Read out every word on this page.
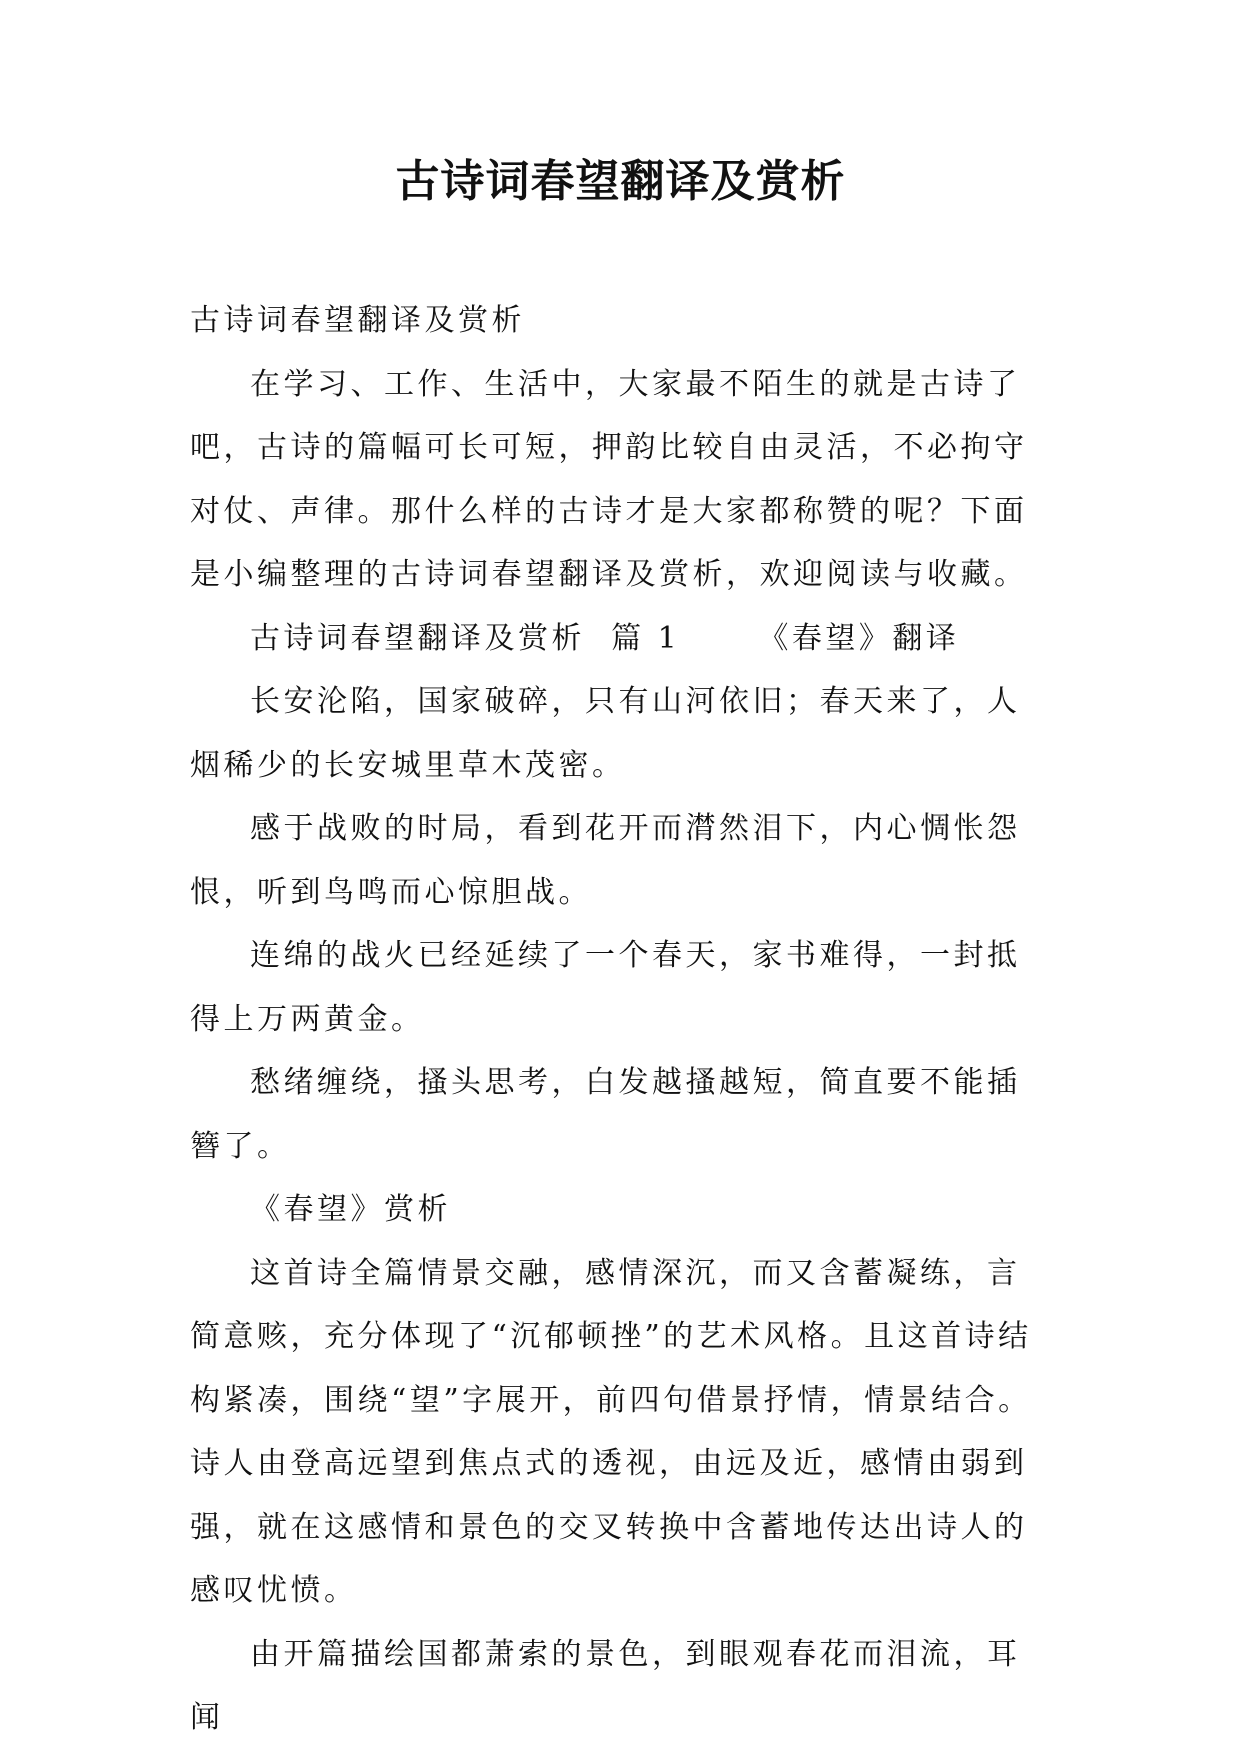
古诗词春望翻译及赏析

古诗词春望翻译及赏析

在学习、工作、生活中，大家最不陌生的就是古诗了吧，古诗的篇幅可长可短，押韵比较自由灵活，不必拘守对仗、声律。那什么样的古诗才是大家都称赞的呢？下面是小编整理的古诗词春望翻译及赏析，欢迎阅读与收藏。

古诗词春望翻译及赏析  篇 1      《春望》翻译

长安沦陷，国家破碎，只有山河依旧；春天来了，人烟稀少的长安城里草木茂密。

感于战败的时局，看到花开而潸然泪下，内心惆怅怨恨，听到鸟鸣而心惊胆战。

连绵的战火已经延续了一个春天，家书难得，一封抵得上万两黄金。

愁绪缠绕，搔头思考，白发越搔越短，简直要不能插簪了。

《春望》赏析

这首诗全篇情景交融，感情深沉，而又含蓄凝练，言简意赅，充分体现了“沉郁顿挫”的艺术风格。且这首诗结构紧凑，围绕“望”字展开，前四句借景抒情，情景结合。诗人由登高远望到焦点式的透视，由远及近，感情由弱到强，就在这感情和景色的交叉转换中含蓄地传达出诗人的感叹忧愤。

由开篇描绘国都萧索的景色，到眼观春花而泪流，耳闻
